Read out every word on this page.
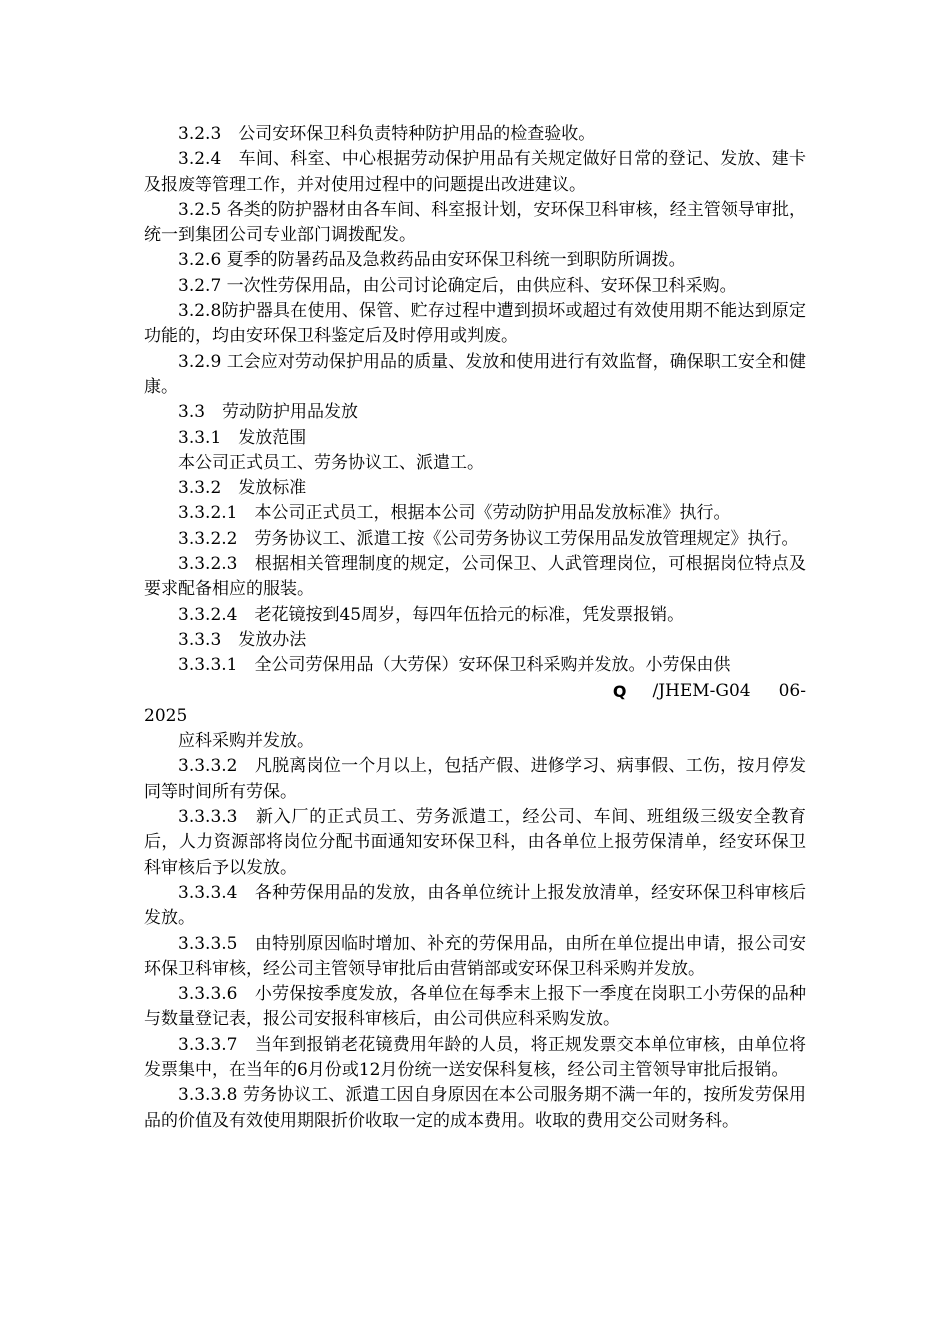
3.2.3　公司安环保卫科负责特种防护用品的检查验收。

3.2.4　车间、科室、中心根据劳动保护用品有关规定做好日常的登记、发放、建卡及报废等管理工作，并对使用过程中的问题提出改进建议。

3.2.5 各类的防护器材由各车间、科室报计划，安环保卫科审核，经主管领导审批，统一到集团公司专业部门调拨配发。

3.2.6 夏季的防暑药品及急救药品由安环保卫科统一到职防所调拨。

3.2.7 一次性劳保用品，由公司讨论确定后，由供应科、安环保卫科采购。

3.2.8防护器具在使用、保管、贮存过程中遭到损坏或超过有效使用期不能达到原定功能的，均由安环保卫科鉴定后及时停用或判废。

3.2.9 工会应对劳动保护用品的质量、发放和使用进行有效监督，确保职工安全和健康。

3.3　劳动防护用品发放

3.3.1　发放范围

本公司正式员工、劳务协议工、派遣工。

3.3.2　发放标准

3.3.2.1　本公司正式员工，根据本公司《劳动防护用品发放标准》执行。

3.3.2.2　劳务协议工、派遣工按《公司劳务协议工劳保用品发放管理规定》执行。

3.3.2.3　根据相关管理制度的规定，公司保卫、人武管理岗位，可根据岗位特点及要求配备相应的服装。

3.3.2.4　老花镜按到45周岁，每四年伍拾元的标准，凭发票报销。

3.3.3　发放办法

3.3.3.1　全公司劳保用品（大劳保）安环保卫科采购并发放。小劳保由供

Q /JHEM-G04 06-

2025

应科采购并发放。

3.3.3.2　凡脱离岗位一个月以上，包括产假、进修学习、病事假、工伤，按月停发同等时间所有劳保。

3.3.3.3　新入厂的正式员工、劳务派遣工，经公司、车间、班组级三级安全教育后，人力资源部将岗位分配书面通知安环保卫科，由各单位上报劳保清单，经安环保卫科审核后予以发放。

3.3.3.4　各种劳保用品的发放，由各单位统计上报发放清单，经安环保卫科审核后发放。

3.3.3.5　由特别原因临时增加、补充的劳保用品，由所在单位提出申请，报公司安环保卫科审核，经公司主管领导审批后由营销部或安环保卫科采购并发放。

3.3.3.6　小劳保按季度发放，各单位在每季末上报下一季度在岗职工小劳保的品种与数量登记表，报公司安报科审核后，由公司供应科采购发放。

3.3.3.7　当年到报销老花镜费用年龄的人员，将正规发票交本单位审核，由单位将发票集中，在当年的6月份或12月份统一送安保科复核，经公司主管领导审批后报销。

3.3.3.8 劳务协议工、派遣工因自身原因在本公司服务期不满一年的，按所发劳保用品的价值及有效使用期限折价收取一定的成本费用。收取的费用交公司财务科。
